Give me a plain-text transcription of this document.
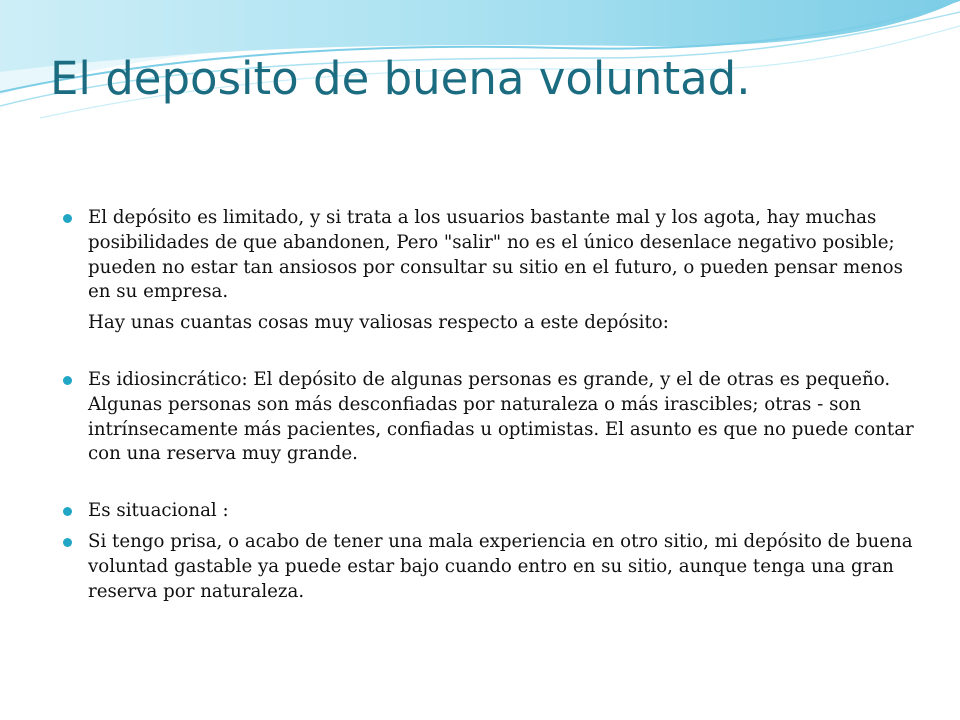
El deposito de buena voluntad.

El depósito es limitado, y si trata a los usuarios bastante mal y los agota, hay muchas posibilidades de que abandonen, Pero "salir" no es el único desenlace negativo posible; pueden no estar tan ansiosos por consultar su sitio en el futuro, o pueden pensar menos en su empresa.

Hay unas cuantas cosas muy valiosas respecto a este depósito:

Es idiosincrático: El depósito de algunas personas es grande, y el de otras es pequeño. Algunas personas son más desconfiadas por naturaleza o más irascibles; otras - son intrínsecamente más pacientes, confiadas u optimistas. El asunto es que no puede contar con una reserva muy grande.

Es situacional :

Si tengo prisa, o acabo de tener una mala experiencia en otro sitio, mi depósito de buena voluntad gastable ya puede estar bajo cuando entro en su sitio, aunque tenga una gran reserva por naturaleza.
